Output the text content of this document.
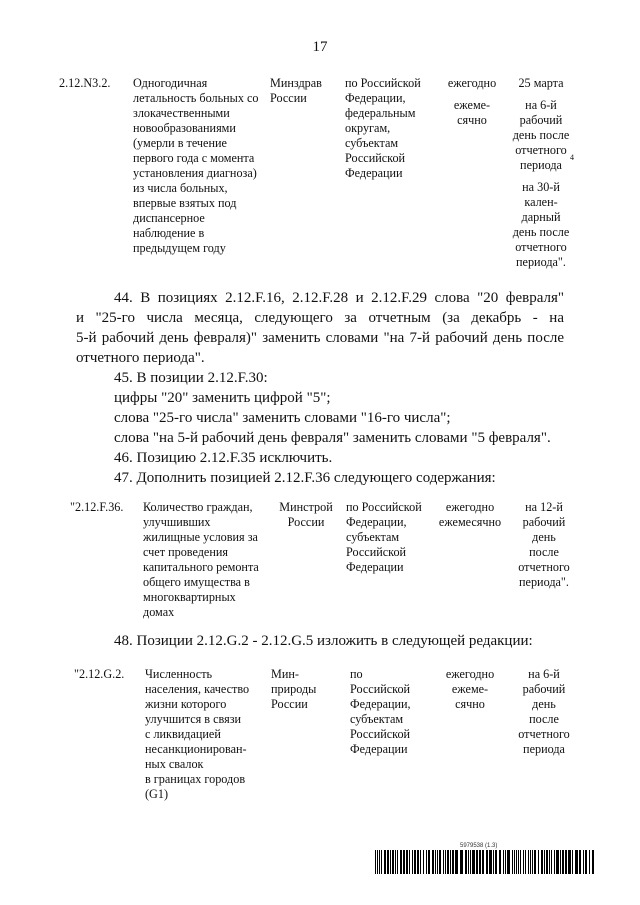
17
2.12.N3.2. Одногодичная
летальность больных со
злокачественными
новообразованиями
(умерли в течение
первого года с момента
установления диагноза)
из числа больных,
впервые взятых под
диспансерное
наблюдение в
предыдущем году
Минздрав
России
по Российской
Федерации,
федеральным
округам,
субъектам
Российской
Федерации
ежегодно
ежеме-
сячно
25 марта
на 6-й
рабочий
день после
отчетного
периода
4
на 30-й
кален-
дарный
день после
отчетного
периода".
44. В позициях 2.12.F.16, 2.12.F.28 и 2.12.F.29 слова "20 февраля"
и "25-го числа месяца, следующего за отчетным (за декабрь - на
5-й рабочий день февраля)" заменить словами "на 7-й рабочий день после
отчетного периода".
45. В позиции 2.12.F.30:
цифры "20" заменить цифрой "5";
слова "25-го числа" заменить словами "16-го числа";
слова "на 5-й рабочий день февраля" заменить словами "5 февраля".
46. Позицию 2.12.F.35 исключить.
47. Дополнить позицией 2.12.F.36 следующего содержания:
"2.12.F.36. Количество граждан,
улучшивших
жилищные условия за
счет проведения
капитального ремонта
общего имущества в
многоквартирных
домах
Минстрой
России
по Российской
Федерации,
субъектам
Российской
Федерации
ежегодно
ежемесячно
на 12-й
рабочий
день
после
отчетного
периода".
48. Позиции 2.12.G.2 - 2.12.G.5 изложить в следующей редакции:
"2.12.G.2. Численность
населения, качество
жизни которого
улучшится в связи
с ликвидацией
несанкционирован-
ных свалок
в границах городов
(G1)
Мин-
природы
России
по
Российской
Федерации,
субъектам
Российской
Федерации
ежегодно
ежеме-
сячно
на 6-й
рабочий
день
после
отчетного
периода
5979538 (1.3)
